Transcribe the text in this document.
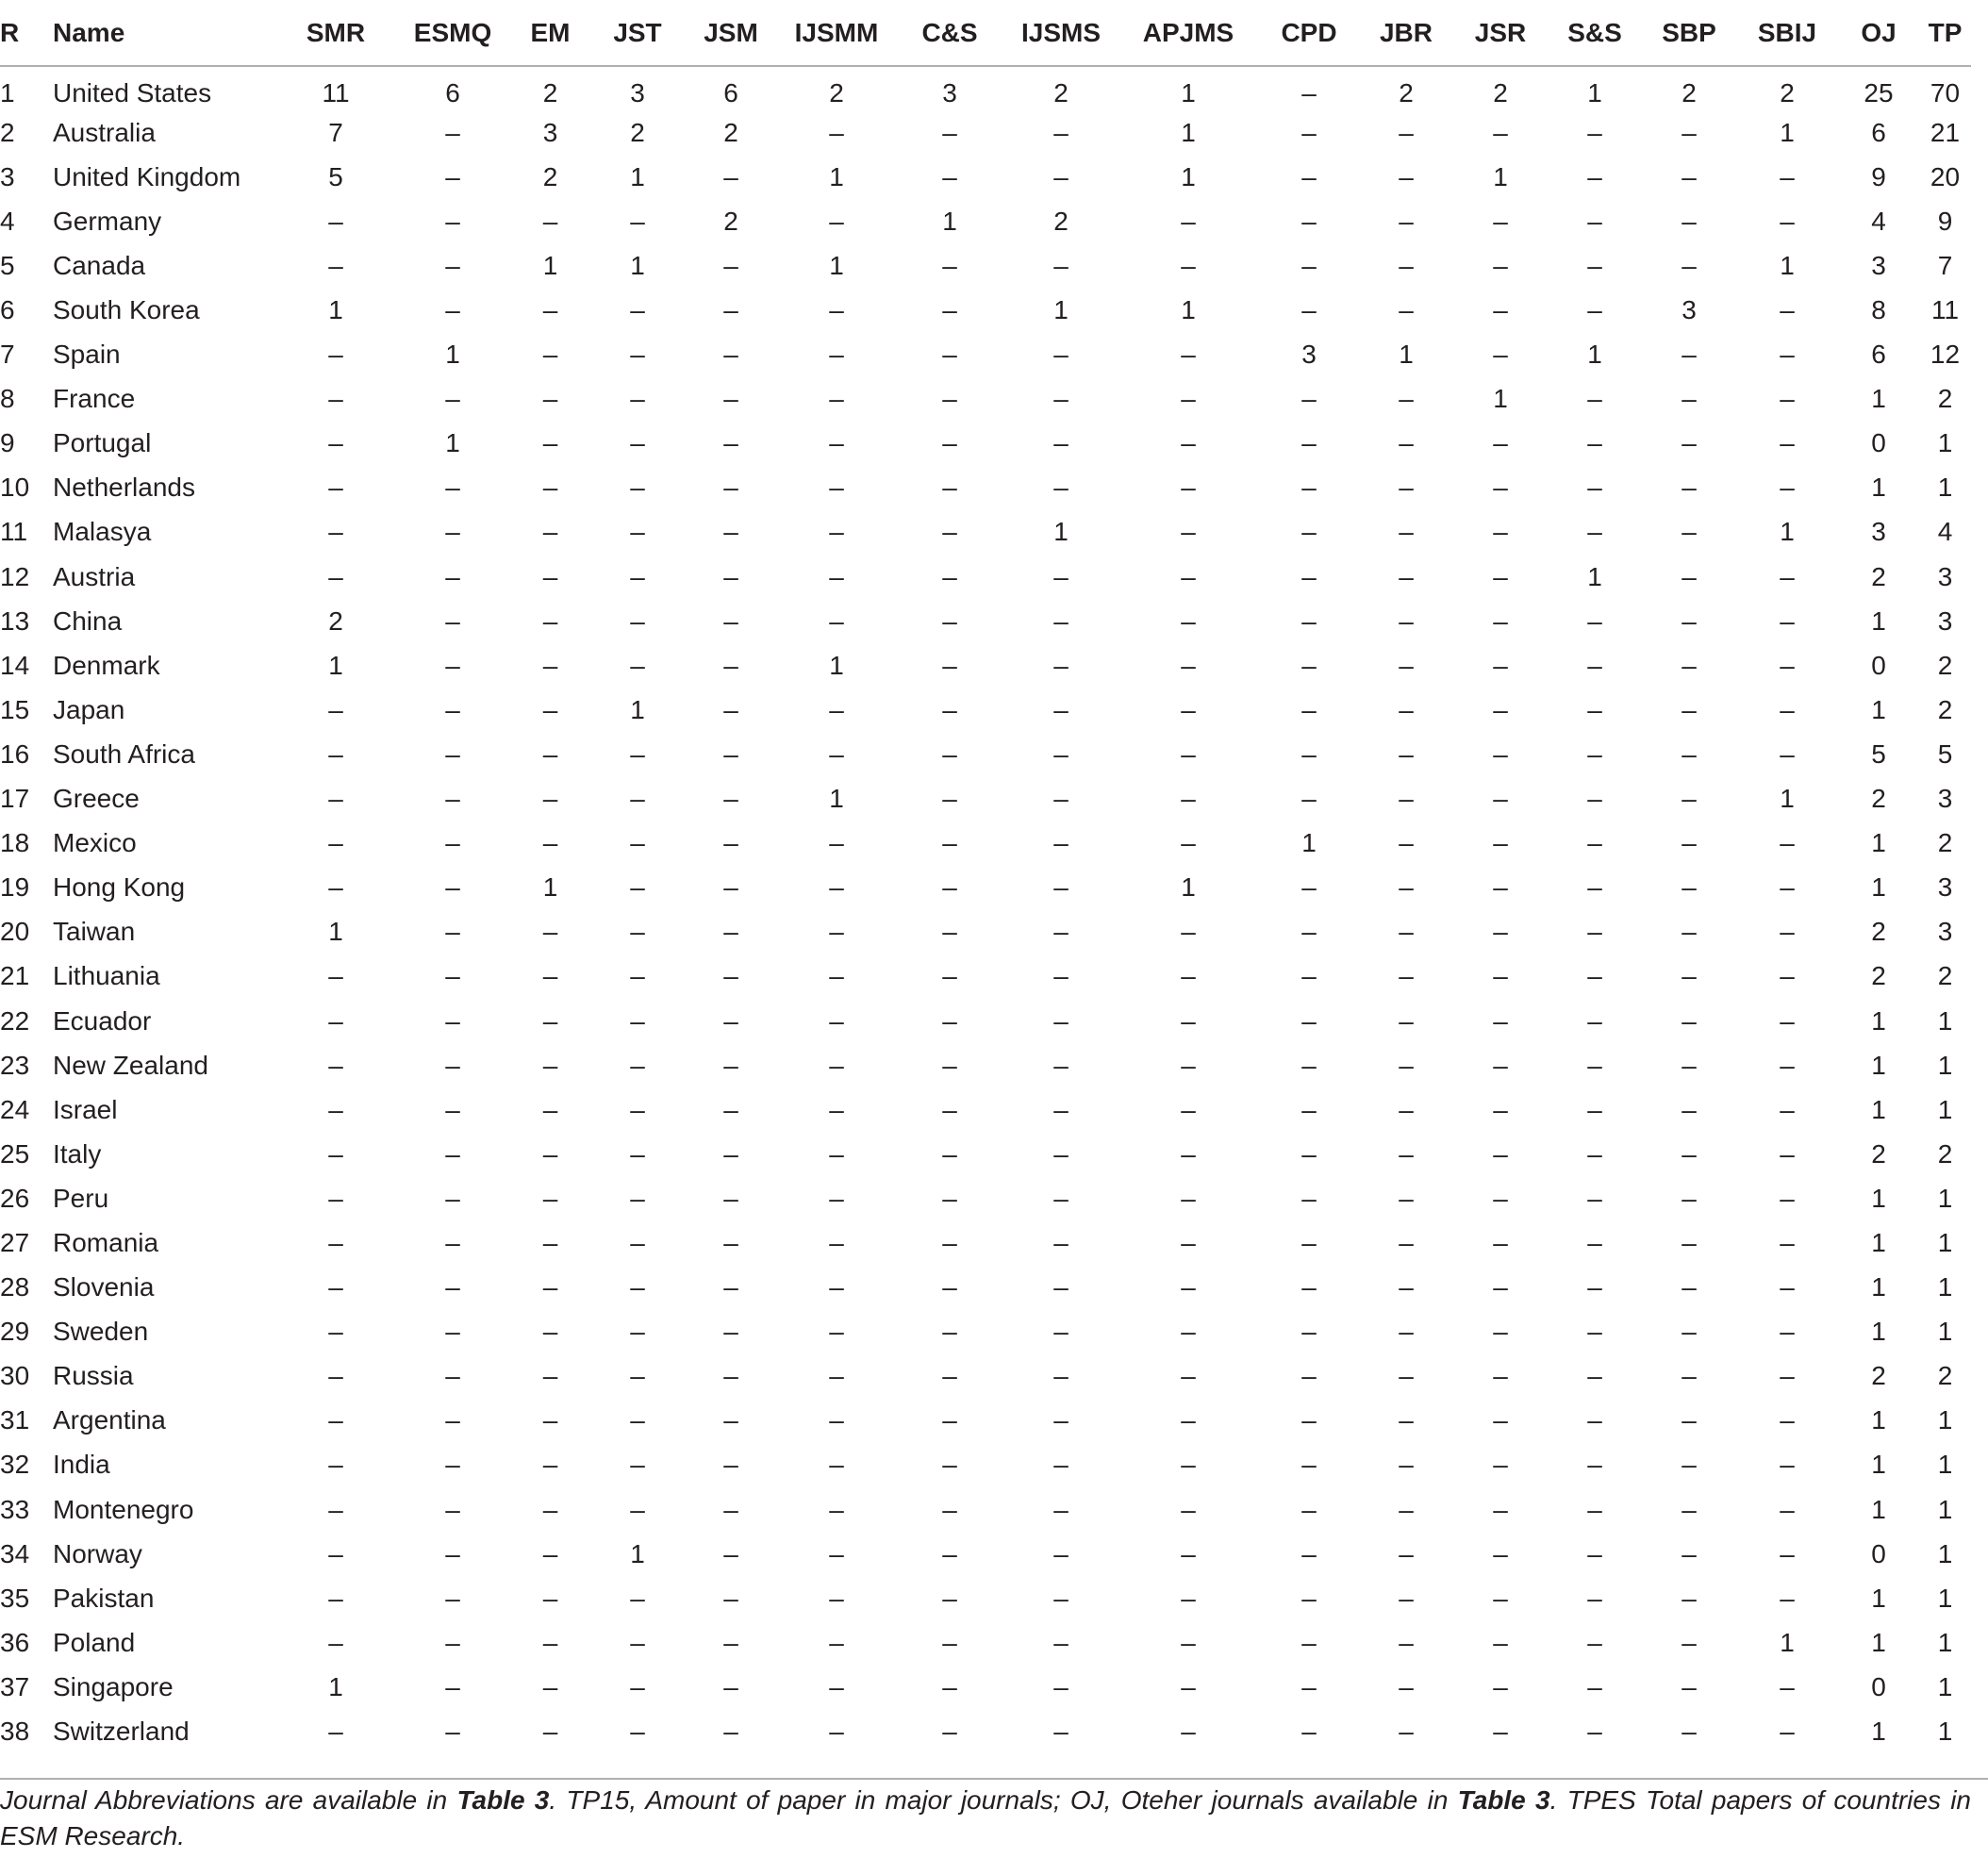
R	Name	SMR	ESMQ	EM	JST	JSM	IJSMM	C&S	IJSMS	APJMS	CPD	JBR	JSR	S&S	SBP	SBIJ	OJ	TP
1	United States	11	6	2	3	6	2	3	2	1	–	2	2	1	2	2	25	70
2	Australia	7	–	3	2	2	–	–	–	1	–	–	–	–	–	1	6	21
3	United Kingdom	5	–	2	1	–	1	–	–	1	–	–	1	–	–	–	9	20
4	Germany	–	–	–	–	2	–	1	2	–	–	–	–	–	–	–	4	9
5	Canada	–	–	1	1	–	1	–	–	–	–	–	–	–	–	1	3	7
6	South Korea	1	–	–	–	–	–	–	1	1	–	–	–	–	3	–	8	11
7	Spain	–	1	–	–	–	–	–	–	–	3	1	–	1	–	–	6	12
8	France	–	–	–	–	–	–	–	–	–	–	–	1	–	–	–	1	2
9	Portugal	–	1	–	–	–	–	–	–	–	–	–	–	–	–	–	0	1
10	Netherlands	–	–	–	–	–	–	–	–	–	–	–	–	–	–	–	1	1
11	Malasya	–	–	–	–	–	–	–	1	–	–	–	–	–	–	1	3	4
12	Austria	–	–	–	–	–	–	–	–	–	–	–	–	1	–	–	2	3
13	China	2	–	–	–	–	–	–	–	–	–	–	–	–	–	–	1	3
14	Denmark	1	–	–	–	–	1	–	–	–	–	–	–	–	–	–	0	2
15	Japan	–	–	–	1	–	–	–	–	–	–	–	–	–	–	–	1	2
16	South Africa	–	–	–	–	–	–	–	–	–	–	–	–	–	–	–	5	5
17	Greece	–	–	–	–	–	1	–	–	–	–	–	–	–	–	1	2	3
18	Mexico	–	–	–	–	–	–	–	–	–	1	–	–	–	–	–	1	2
19	Hong Kong	–	–	1	–	–	–	–	–	1	–	–	–	–	–	–	1	3
20	Taiwan	1	–	–	–	–	–	–	–	–	–	–	–	–	–	–	2	3
21	Lithuania	–	–	–	–	–	–	–	–	–	–	–	–	–	–	–	2	2
22	Ecuador	–	–	–	–	–	–	–	–	–	–	–	–	–	–	–	1	1
23	New Zealand	–	–	–	–	–	–	–	–	–	–	–	–	–	–	–	1	1
24	Israel	–	–	–	–	–	–	–	–	–	–	–	–	–	–	–	1	1
25	Italy	–	–	–	–	–	–	–	–	–	–	–	–	–	–	–	2	2
26	Peru	–	–	–	–	–	–	–	–	–	–	–	–	–	–	–	1	1
27	Romania	–	–	–	–	–	–	–	–	–	–	–	–	–	–	–	1	1
28	Slovenia	–	–	–	–	–	–	–	–	–	–	–	–	–	–	–	1	1
29	Sweden	–	–	–	–	–	–	–	–	–	–	–	–	–	–	–	1	1
30	Russia	–	–	–	–	–	–	–	–	–	–	–	–	–	–	–	2	2
31	Argentina	–	–	–	–	–	–	–	–	–	–	–	–	–	–	–	1	1
32	India	–	–	–	–	–	–	–	–	–	–	–	–	–	–	–	1	1
33	Montenegro	–	–	–	–	–	–	–	–	–	–	–	–	–	–	–	1	1
34	Norway	–	–	–	1	–	–	–	–	–	–	–	–	–	–	–	0	1
35	Pakistan	–	–	–	–	–	–	–	–	–	–	–	–	–	–	–	1	1
36	Poland	–	–	–	–	–	–	–	–	–	–	–	–	–	–	1	1	1
37	Singapore	1	–	–	–	–	–	–	–	–	–	–	–	–	–	–	0	1
38	Switzerland	–	–	–	–	–	–	–	–	–	–	–	–	–	–	–	1	1
Journal Abbreviations are available in Table 3. TP15, Amount of paper in major journals; OJ, Oteher journals available in Table 3. TPES Total papers of countries in ESM Research.
